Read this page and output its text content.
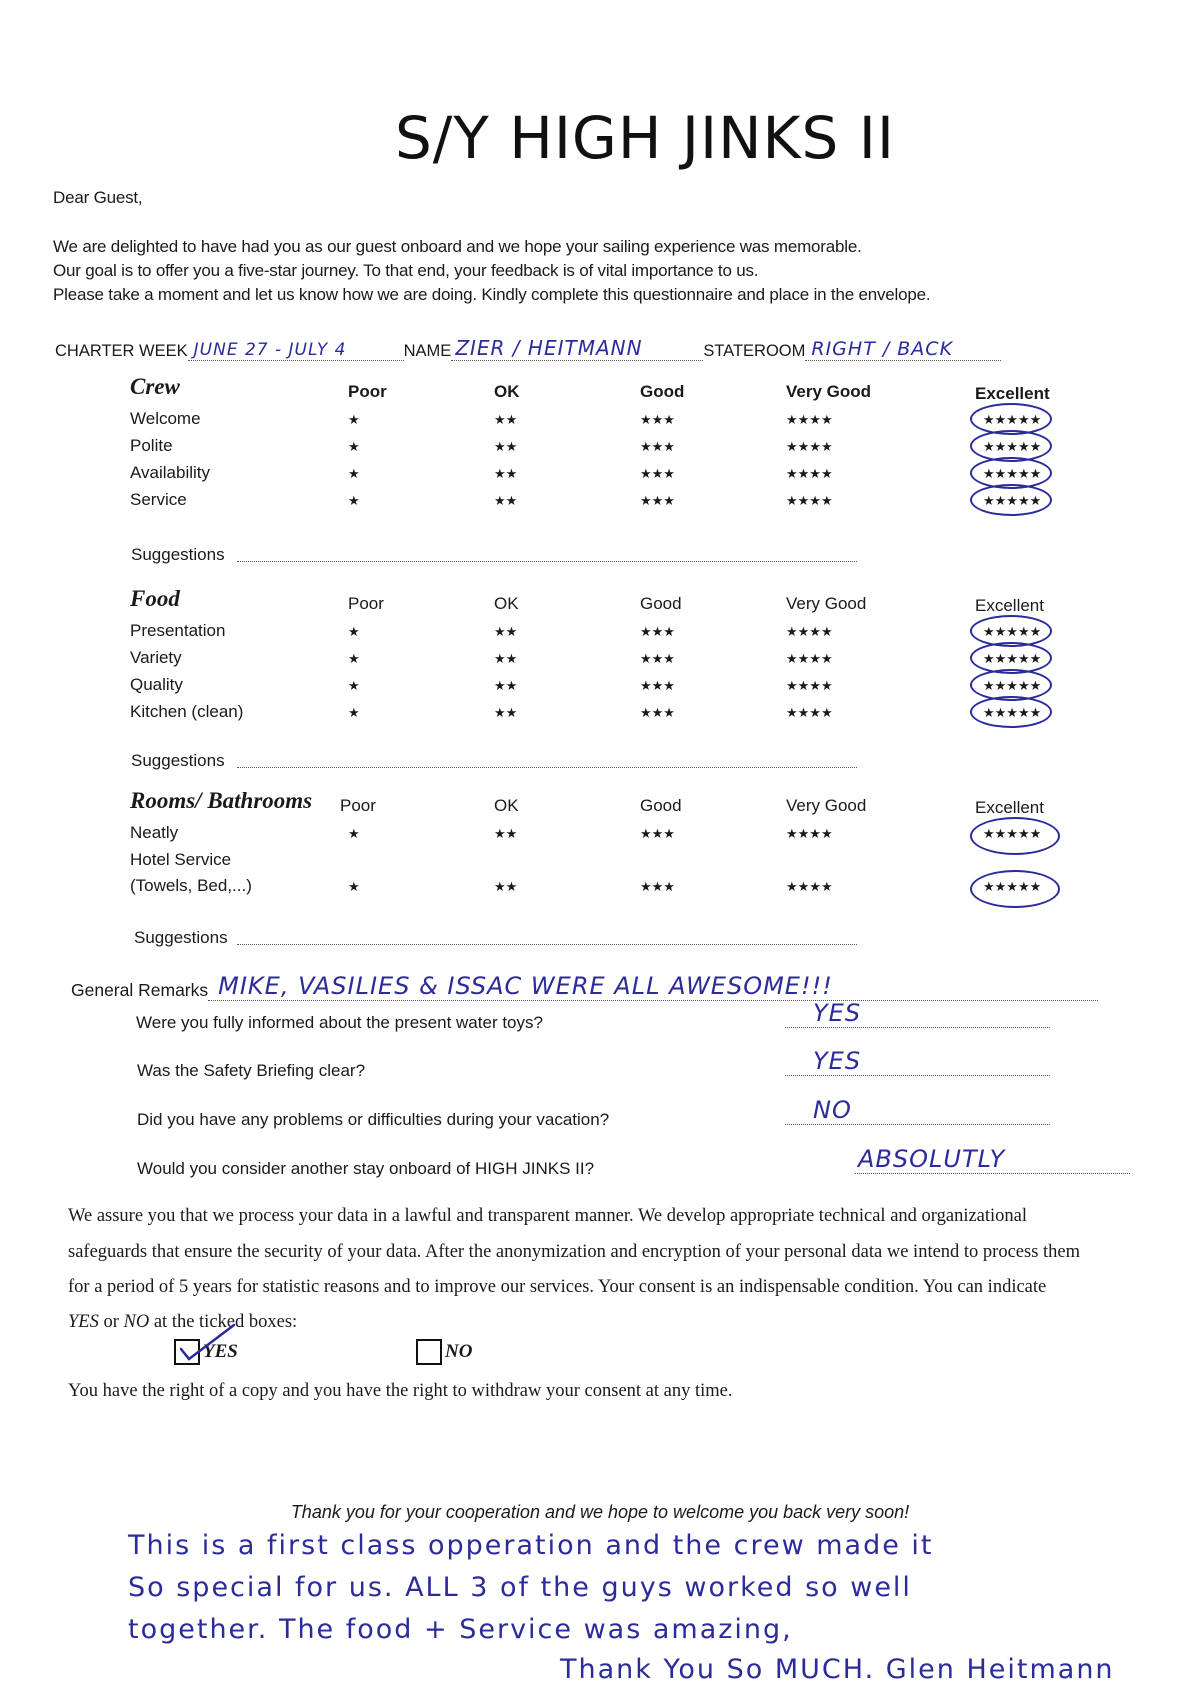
S/Y HIGH JINKS II
Dear Guest,
We are delighted to have had you as our guest onboard and we hope your sailing experience was memorable.
Our goal is to offer you a five-star journey. To that end, your feedback is of vital importance to us.
Please take a moment and let us know how we are doing. Kindly complete this questionnaire and place in the envelope.
CHARTER WEEK JUNE 27 - JULY 4	NAME ZIER / HEITMANN	STATEROOM RIGHT / BACK
Crew	Poor	OK	Good	Very Good	Excellent
Welcome	★	★★	★★★	★★★★	★★★★★
Polite	★	★★	★★★	★★★★	★★★★★
Availability	★	★★	★★★	★★★★	★★★★★
Service	★	★★	★★★	★★★★	★★★★★
Suggestions
Food	Poor	OK	Good	Very Good	Excellent
Presentation	★	★★	★★★	★★★★	★★★★★
Variety	★	★★	★★★	★★★★	★★★★★
Quality	★	★★	★★★	★★★★	★★★★★
Kitchen (clean)	★	★★	★★★	★★★★	★★★★★
Suggestions
Rooms/ Bathrooms Poor	OK	Good	Very Good	Excellent
Neatly	★	★★	★★★	★★★★	★★★★★
Hotel Service
(Towels, Bed,...)	★	★★	★★★	★★★★	★★★★★
Suggestions
General Remarks MIKE, VASILIES & ISSAC WERE ALL AWESOME!!!
Were you fully informed about the present water toys?	YES
Was the Safety Briefing clear?	YES
Did you have any problems or difficulties during your vacation?	NO
Would you consider another stay onboard of HIGH JINKS II?	ABSOLUTLY
We assure you that we process your data in a lawful and transparent manner. We develop appropriate technical and organizational
safeguards that ensure the security of your data. After the anonymization and encryption of your personal data we intend to process them
for a period of 5 years for statistic reasons and to improve our services. Your consent is an indispensable condition. You can indicate
YES or NO at the ticked boxes:
YES	NO
You have the right of a copy and you have the right to withdraw your consent at any time.
Thank you for your cooperation and we hope to welcome you back very soon!
This is a first class opperation and the crew made it
So special for us. ALL 3 of the guys worked so well
together. The food + Service was amazing,
Thank You So MUCH. Glen Heitmann
